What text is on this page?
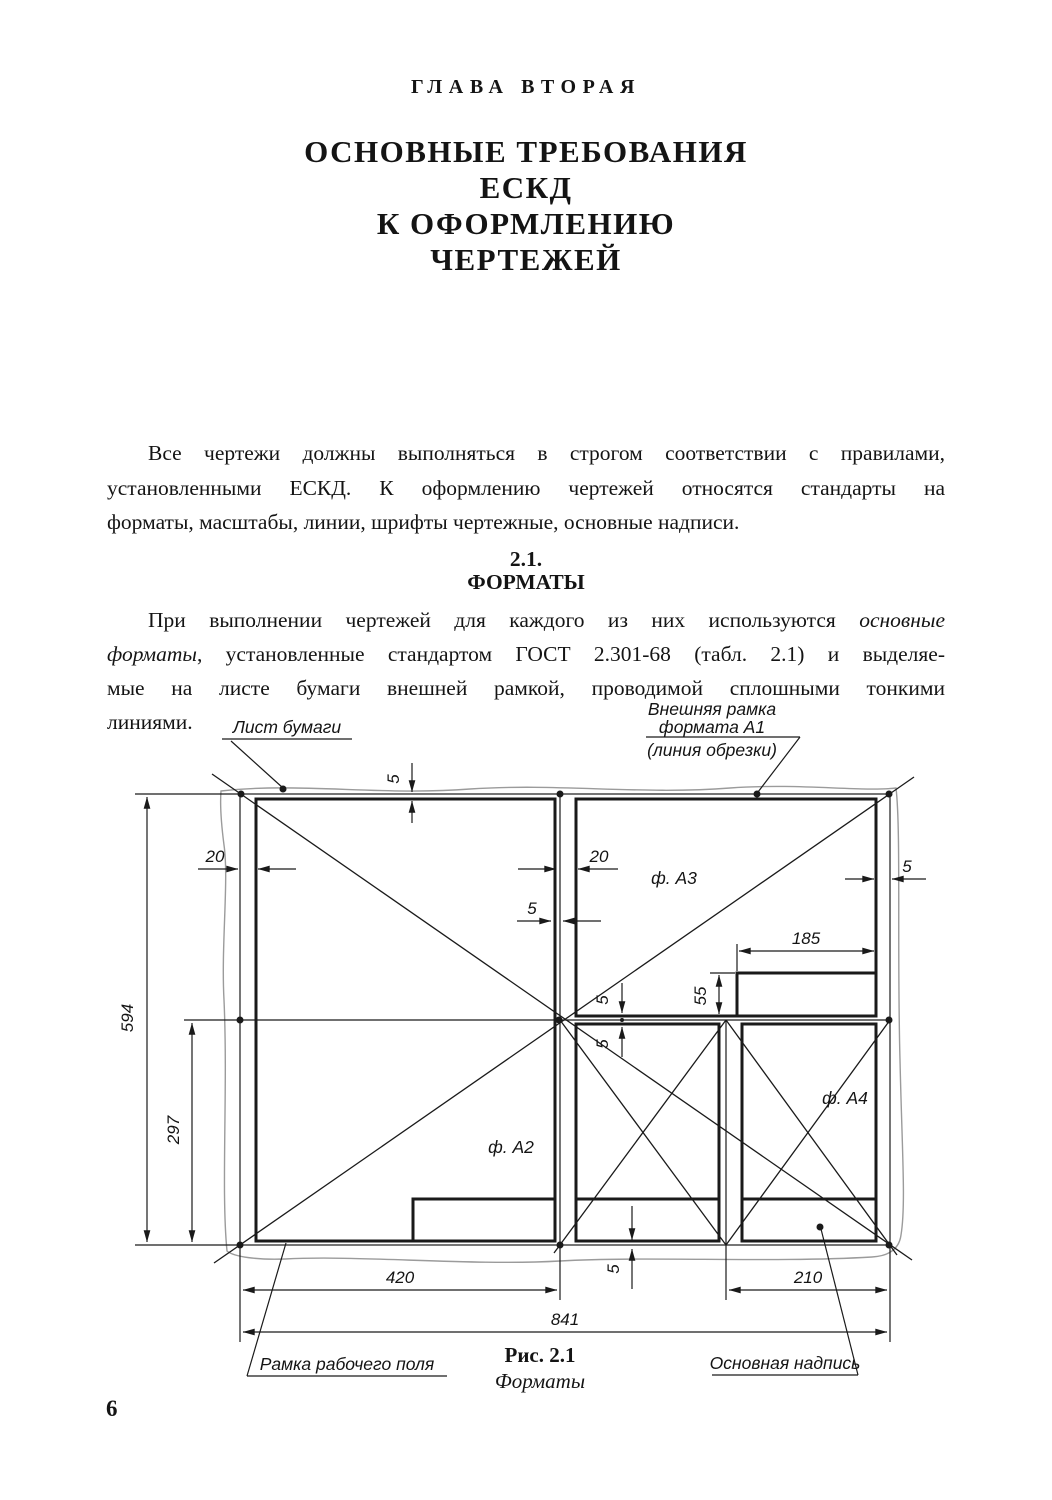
ГЛАВА ВТОРАЯ
ОСНОВНЫЕ ТРЕБОВАНИЯ
ЕСКД
К ОФОРМЛЕНИЮ
ЧЕРТЕЖЕЙ
Все чертежи должны выполняться в строгом соответствии с правилами,
установленными ЕСКД. К оформлению чертежей относятся стандарты на
форматы, масштабы, линии, шрифты чертежные, основные надписи.
2.1.
ФОРМАТЫ
При выполнении чертежей для каждого из них используются основные
форматы, установленные стандартом ГОСТ 2.301-68 (табл. 2.1) и выделяе-
мые на листе бумаги внешней рамкой, проводимой сплошными тонкими
линиями.
594
297
20	20
5
5
5
185
55
5
5
5
420	210
841
Лист бумаги
Внешняя рамка
формата А1
(линия обрезки)
ф. А3
ф. А2
ф. А4
Рамка рабочего поля	Основная надпись
Рис. 2.1
Форматы
6
